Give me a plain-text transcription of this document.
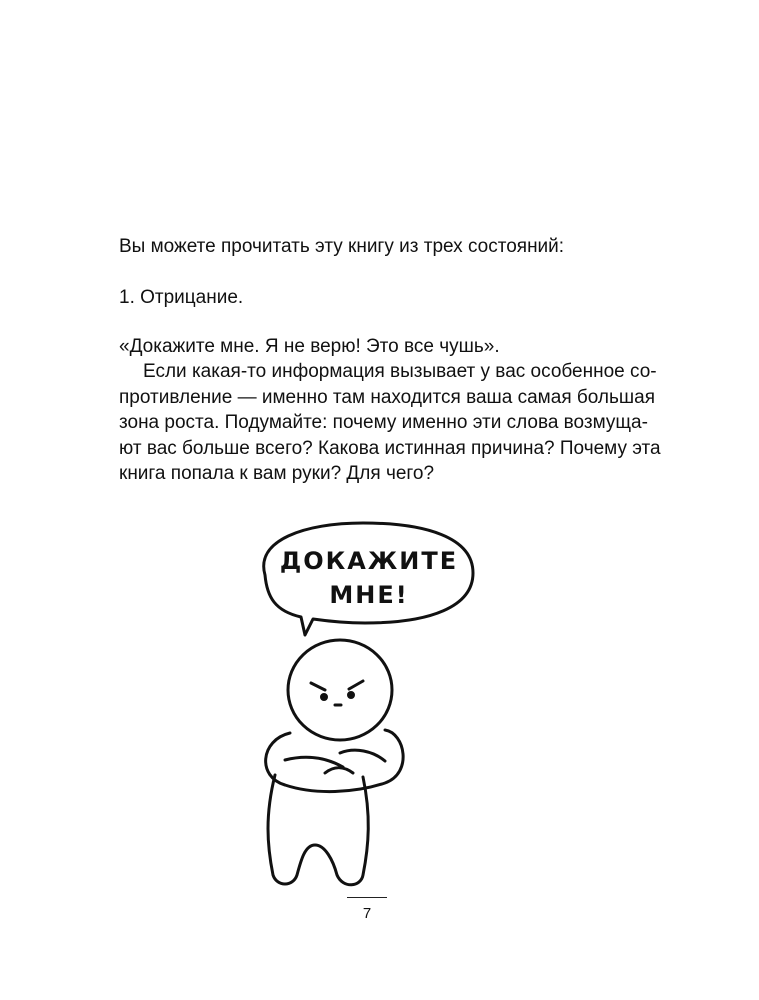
Вы можете прочитать эту книгу из трех состояний:
1. Отрицание.
«Докажите мне. Я не верю! Это все чушь».
Если какая-то информация вызывает у вас особенное со-
противление — именно там находится ваша самая большая
зона роста. Подумайте: почему именно эти слова возмуща-
ют вас больше всего? Какова истинная причина? Почему эта
книга попала к вам руки? Для чего?
ДОКАЖИТЕ
МНЕ!
7
